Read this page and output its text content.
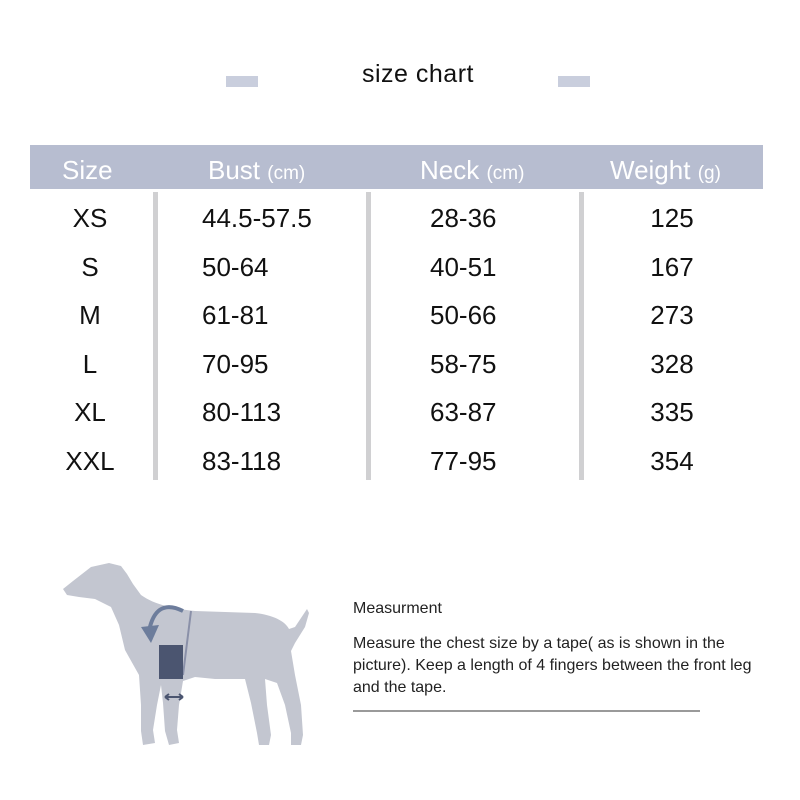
size chart
Size	Bust (cm)	Neck (cm)	Weight (g)
XS	44.5-57.5	28-36	125
S	50-64	40-51	167
M	61-81	50-66	273
L	70-95	58-75	328
XL	80-113	63-87	335
XXL	83-118	77-95	354
Measurment
Measure the chest size by a tape( as is shown in the picture). Keep a length of 4 fingers between the front leg and the tape.
